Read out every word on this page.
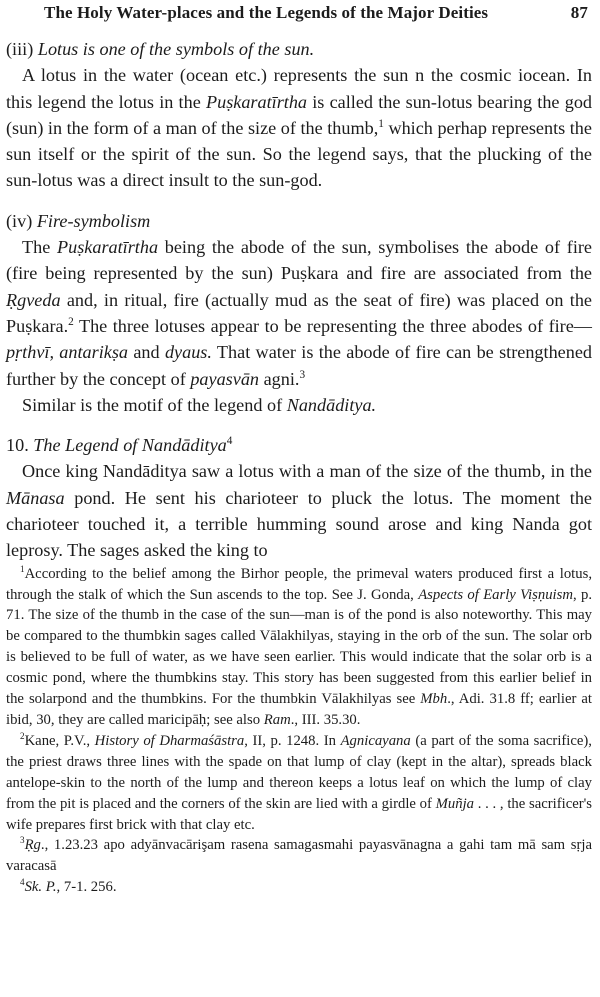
The Holy Water-places and the Legends of the Major Deities	87

(iii) Lotus is one of the symbols of the sun.

A lotus in the water (ocean etc.) represents the sun n the cosmic iocean. In this legend the lotus in the Puṣkaratīrtha is called the sun-lotus bearing the god (sun) in the form of a man of the size of the thumb,$^1$ which perhap represents the sun itself or the spirit of the sun. So the legend says, that the plucking of the sun-lotus was a direct insult to the sun-god.

(iv) Fire-symbolism

The Puṣkaratīrtha being the abode of the sun, symbolises the abode of fire (fire being represented by the sun) Puṣkara and fire are associated from the Ṛgveda and, in ritual, fire (actually mud as the seat of fire) was placed on the Puṣkara.$^2$ The three lotuses appear to be representing the three abodes of fire—pṛthvī, antarikṣa and dyaus. That water is the abode of fire can be strengthened further by the concept of payasvān agni.$^3$

Similar is the motif of the legend of Nandāditya.

10. The Legend of Nandāditya$^4$

Once king Nandāditya saw a lotus with a man of the size of the thumb, in the Mānasa pond. He sent his charioteer to pluck the lotus. The moment the charioteer touched it, a terrible humming sound arose and king Nanda got leprosy. The sages asked the king to

$^1$According to the belief among the Birhor people, the primeval waters produced first a lotus, through the stalk of which the Sun ascends to the top. See J. Gonda, Aspects of Early Viṣṇuism, p. 71. The size of the thumb in the case of the sun—man is of the pond is also noteworthy. This may be compared to the thumbkin sages called Vālakhilyas, staying in the orb of the sun. The solar orb is believed to be full of water, as we have seen earlier. This would indicate that the solar orb is a cosmic pond, where the thumbkins stay. This story has been suggested from this earlier belief in the solarpond and the thumbkins. For the thumbkin Vālakhilyas see Mbh., Adi. 31.8 ff; earlier at ibid, 30, they are called maricipāḥ; see also Ram., III. 35.30.

$^2$Kane, P.V., History of Dharmaśāstra, II, p. 1248. In Agnicayana (a part of the soma sacrifice), the priest draws three lines with the spade on that lump of clay (kept in the altar), spreads black antelope-skin to the north of the lump and thereon keeps a lotus leaf on which the lump of clay from the pit is placed and the corners of the skin are lied with a girdle of Muñja . . . , the sacrificer's wife prepares first brick with that clay etc.

$^3$Ṛg., 1.23.23 apo adyānvacārişam rasena samagasmahi payasvānagna a gahi tam mā sam sṛja varacasā

$^4$Sk. P., 7-1. 256.
